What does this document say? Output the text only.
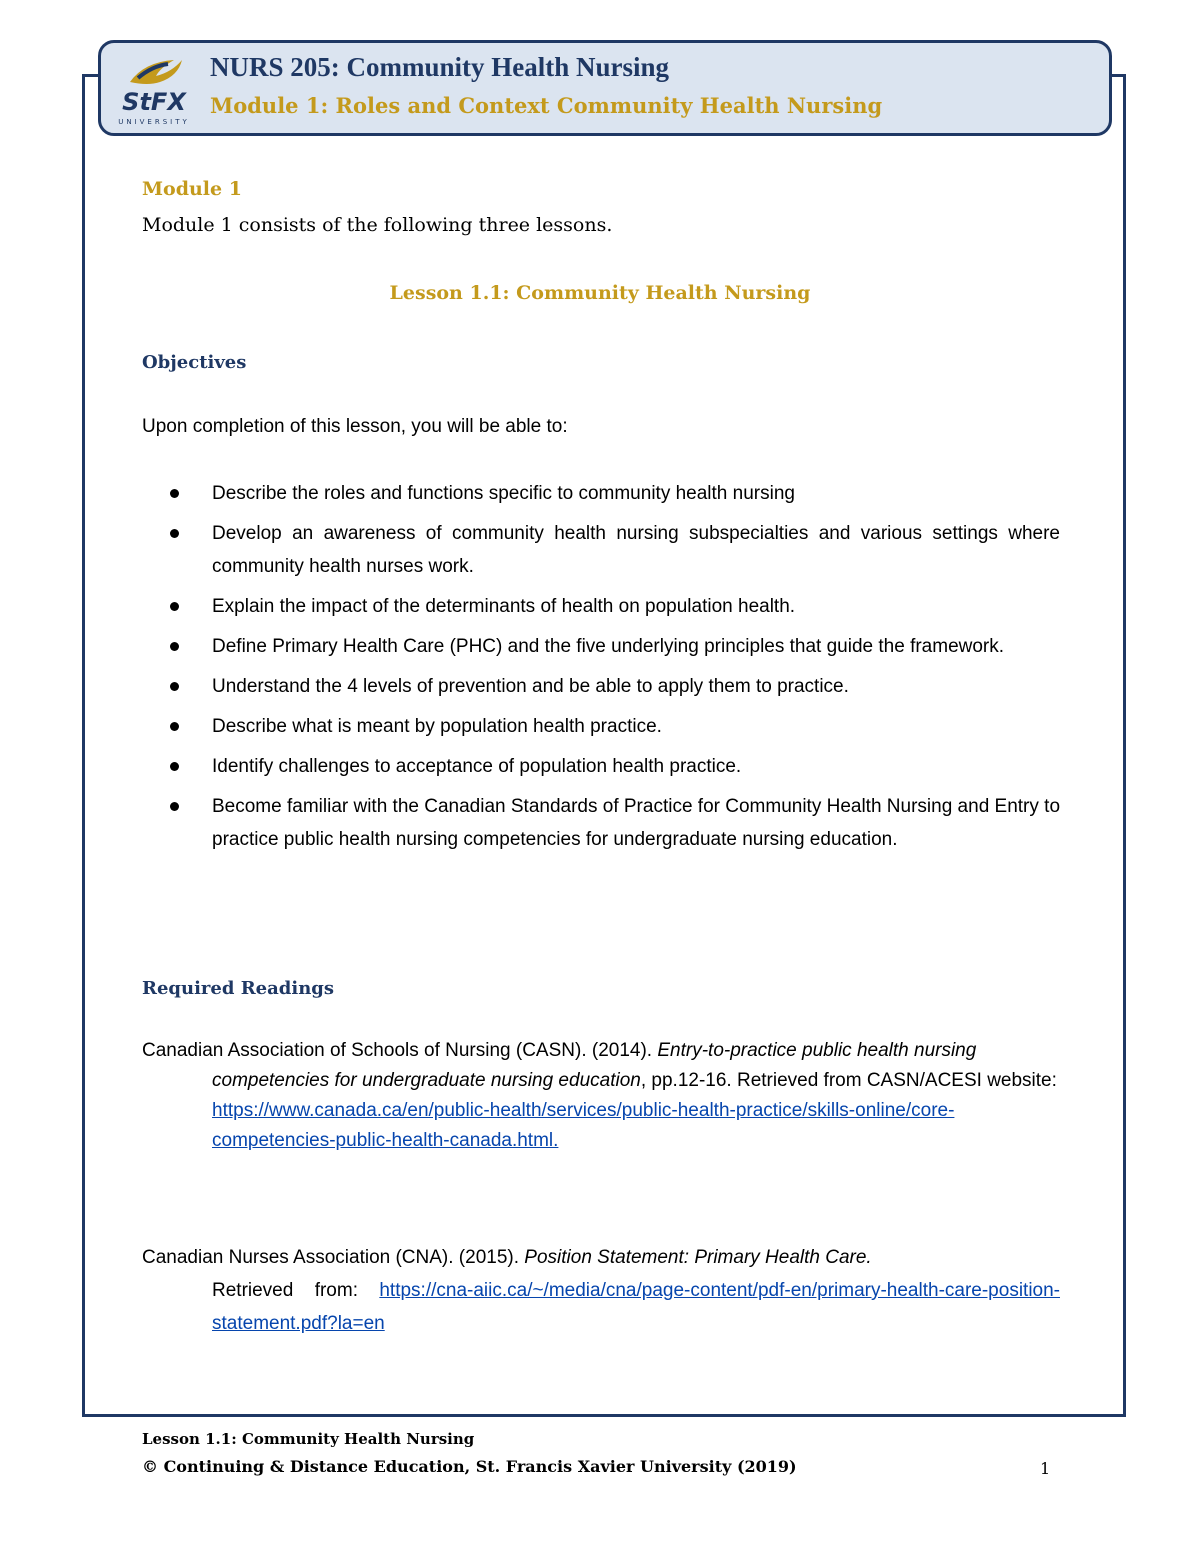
StFX
UNIVERSITY
NURS 205: Community Health Nursing
Module 1: Roles and Context Community Health Nursing
Module 1
Module 1 consists of the following three lessons.
Lesson 1.1: Community Health Nursing
Objectives
Upon completion of this lesson, you will be able to:
Describe the roles and functions specific to community health nursing
Develop an awareness of community health nursing subspecialties and various settings where community health nurses work.
Explain the impact of the determinants of health on population health.
Define Primary Health Care (PHC) and the five underlying principles that guide the framework.
Understand the 4 levels of prevention and be able to apply them to practice.
Describe what is meant by population health practice.
Identify challenges to acceptance of population health practice.
Become familiar with the Canadian Standards of Practice for Community Health Nursing and Entry to practice public health nursing competencies for undergraduate nursing education.
Required Readings

Canadian Association of Schools of Nursing (CASN). (2014). Entry-to-practice public health nursing

competencies for undergraduate nursing education, pp.12-16. Retrieved from CASN/ACESI website:
https://www.canada.ca/en/public-health/services/public-health-practice/skills-online/core-competencies-public-health-canada.html.

Canadian Nurses Association (CNA). (2015). Position Statement: Primary Health Care.

Retrieved from: https://cna-aiic.ca/~/media/cna/page-content/pdf-en/primary-health-care-position-statement.pdf?la=en

Lesson 1.1: Community Health Nursing
© Continuing & Distance Education, St. Francis Xavier University (2019)	1
